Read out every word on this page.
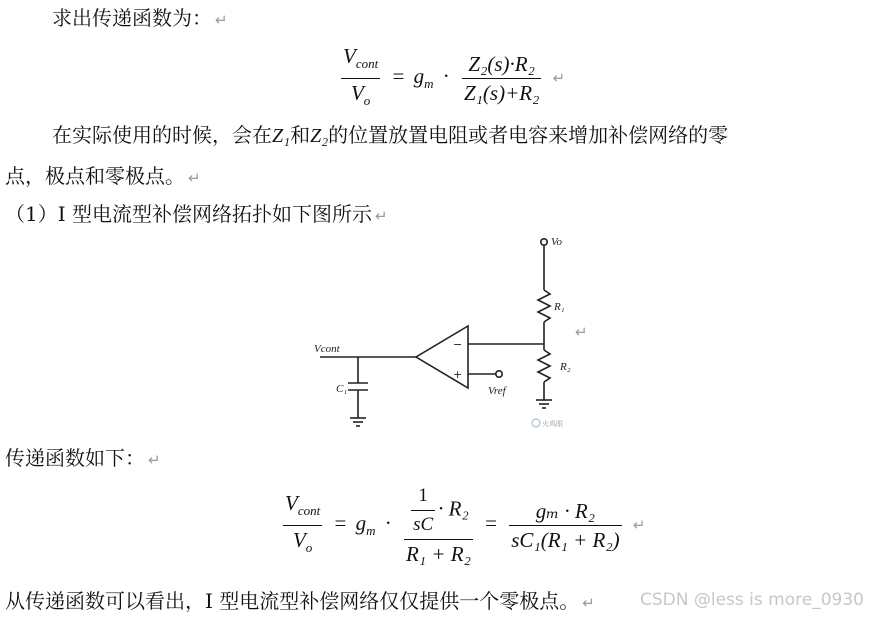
求出传递函数为： ↵
$\frac{V_{cont}}{V_o} = g_m \cdot \frac{\text{Z₂(s)·R₂}}{\text{Z₁(s)+R₂}}$ ↵
在实际使用的时候，会在Z₁和Z₂的位置放置电阻或者电容来增加补偿网络的零
点，极点和零极点。 ↵
（1）I 型电流型补偿网络拓扑如下图所示 ↵
Vo
R₁
R₂
Vcont
C₁	Vref
−
+
火鸡眼
↵
传递函数如下： ↵
$\frac{V_{cont}}{V_o} = g_m \cdot \frac{\frac{1}{sC} \cdot R_2}{\text{R₁ + R₂}} = \frac{\text{gₘ · R₂}}{\text{sC₁(R₁ + R₂)}}$ ↵
从传递函数可以看出，I 型电流型补偿网络仅仅提供一个零极点。 ↵	CSDN @less is more_0930
